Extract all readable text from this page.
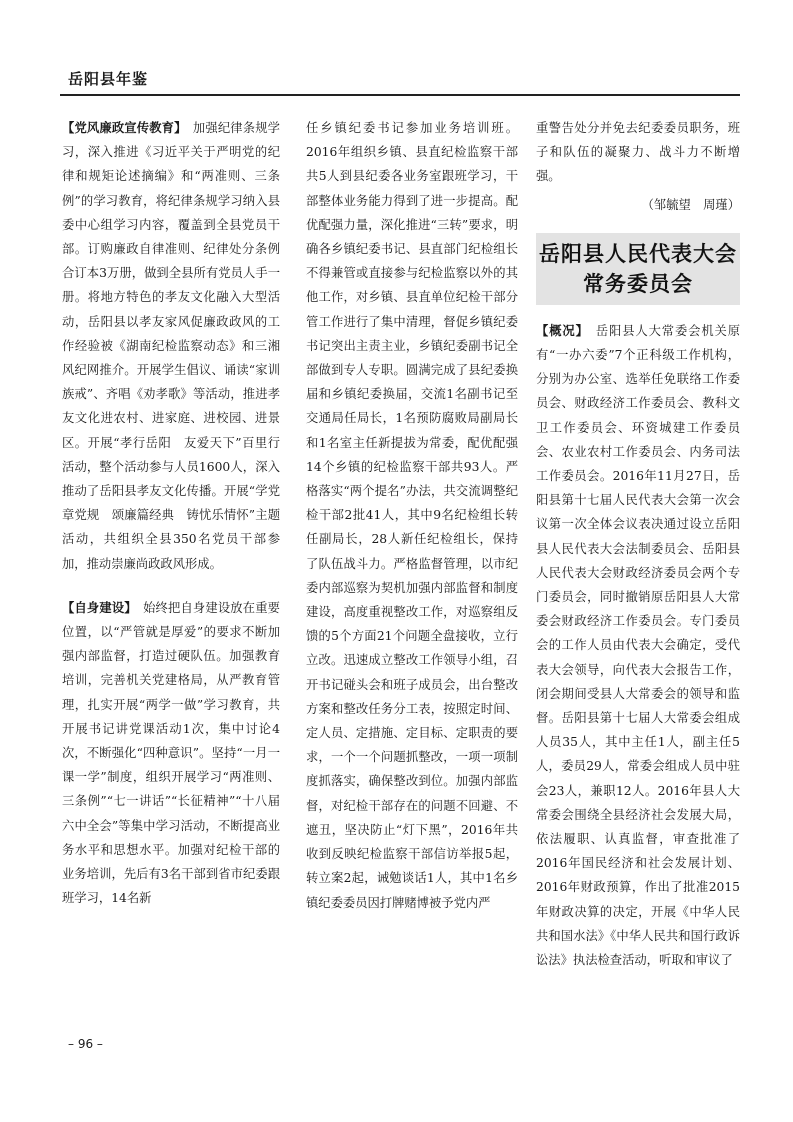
岳阳县年鉴

【党风廉政宣传教育】　 加强纪律条规学习，深入推进《习近平关于严明党的纪律和规矩论述摘编》和“两准则、三条例”的学习教育，将纪律条规学习纳入县委中心组学习内容，覆盖到全县党员干部。订购廉政自律准则、纪律处分条例合订本3万册，做到全县所有党员人手一册。将地方特色的孝友文化融入大型活动，岳阳县以孝友家风促廉政政风的工作经验被《湖南纪检监察动态》和三湘风纪网推介。开展学生倡议、诵读“家训族戒”、齐唱《劝孝歌》等活动，推进孝友文化进农村、进家庭、进校园、进景区。开展“孝行岳阳　友爱天下”百里行活动，整个活动参与人员1600人，深入推动了岳阳县孝友文化传播。开展“学党章党规　颂廉篇经典　铸忧乐情怀”主题活动，共组织全县350名党员干部参加，推动崇廉尚政政风形成。

【自身建设】　 始终把自身建设放在重要位置，以“严管就是厚爱”的要求不断加强内部监督，打造过硬队伍。加强教育培训，完善机关党建格局，从严教育管理，扎实开展“两学一做”学习教育，共开展书记讲党课活动1次，集中讨论4次，不断强化“四种意识”。坚持“一月一课一学”制度，组织开展学习“两准则、三条例”“七一讲话”“长征精神”“十八届六中全会”等集中学习活动，不断提高业务水平和思想水平。加强对纪检干部的业务培训，先后有3名干部到省市纪委跟班学习，14名新

任乡镇纪委书记参加业务培训班。2016年组织乡镇、县直纪检监察干部共5人到县纪委各业务室跟班学习，干部整体业务能力得到了进一步提高。配优配强力量，深化推进“三转”要求，明确各乡镇纪委书记、县直部门纪检组长不得兼管或直接参与纪检监察以外的其他工作，对乡镇、县直单位纪检干部分管工作进行了集中清理，督促乡镇纪委书记突出主责主业，乡镇纪委副书记全部做到专人专职。圆满完成了县纪委换届和乡镇纪委换届，交流1名副书记至交通局任局长，1名预防腐败局副局长和1名室主任新提拔为常委，配优配强14个乡镇的纪检监察干部共93人。严格落实“两个提名”办法，共交流调整纪检干部2批41人，其中9名纪检组长转任副局长，28人新任纪检组长，保持了队伍战斗力。严格监督管理，以市纪委内部巡察为契机加强内部监督和制度建设，高度重视整改工作，对巡察组反馈的5个方面21个问题全盘接收，立行立改。迅速成立整改工作领导小组，召开书记碰头会和班子成员会，出台整改方案和整改任务分工表，按照定时间、定人员、定措施、定目标、定职责的要求，一个一个问题抓整改，一项一项制度抓落实，确保整改到位。加强内部监督，对纪检干部存在的问题不回避、不遮丑，坚决防止“灯下黑”，2016年共收到反映纪检监察干部信访举报5起，转立案2起，诫勉谈话1人，其中1名乡镇纪委委员因打牌赌博被予党内严

重警告处分并免去纪委委员职务，班子和队伍的凝聚力、战斗力不断增强。

（邹毓望　周瑾）

岳阳县人民代表大会
常务委员会

【概况】　 岳阳县人大常委会机关原有“一办六委”7个正科级工作机构，分别为办公室、选举任免联络工作委员会、财政经济工作委员会、教科文卫工作委员会、环资城建工作委员会、农业农村工作委员会、内务司法工作委员会。2016年11月27日，岳阳县第十七届人民代表大会第一次会议第一次全体会议表决通过设立岳阳县人民代表大会法制委员会、岳阳县人民代表大会财政经济委员会两个专门委员会，同时撤销原岳阳县人大常委会财政经济工作委员会。专门委员会的工作人员由代表大会确定，受代表大会领导，向代表大会报告工作，闭会期间受县人大常委会的领导和监督。岳阳县第十七届人大常委会组成人员35人，其中主任1人，副主任5人，委员29人，常委会组成人员中驻会23人，兼职12人。2016年县人大常委会围绕全县经济社会发展大局，依法履职、认真监督，审查批准了2016年国民经济和社会发展计划、2016年财政预算，作出了批准2015年财政决算的决定，开展《中华人民共和国水法》《中华人民共和国行政诉讼法》执法检查活动，听取和审议了

– 96 –
